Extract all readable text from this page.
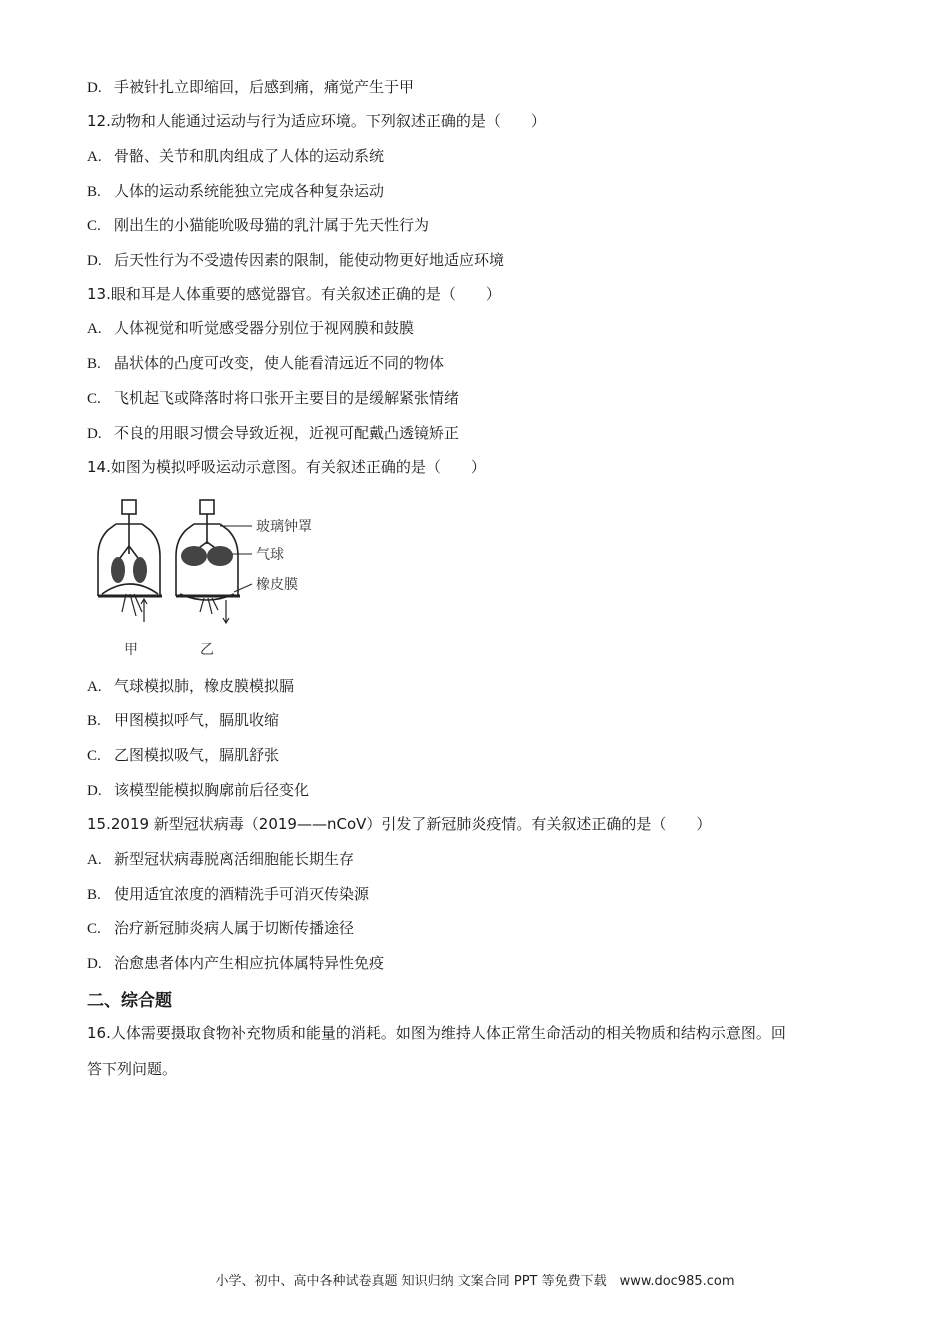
D. 手被针扎立即缩回，后感到痛，痛觉产生于甲
12.动物和人能通过运动与行为适应环境。下列叙述正确的是（　　）
A. 骨骼、关节和肌肉组成了人体的运动系统
B. 人体的运动系统能独立完成各种复杂运动
C. 刚出生的小猫能吮吸母猫的乳汁属于先天性行为
D. 后天性行为不受遗传因素的限制，能使动物更好地适应环境
13.眼和耳是人体重要的感觉器官。有关叙述正确的是（　　）
A. 人体视觉和听觉感受器分别位于视网膜和鼓膜
B. 晶状体的凸度可改变，使人能看清远近不同的物体
C. 飞机起飞或降落时将口张开主要目的是缓解紧张情绪
D. 不良的用眼习惯会导致近视，近视可配戴凸透镜矫正
14.如图为模拟呼吸运动示意图。有关叙述正确的是（　　）
玻璃钟罩
气球
橡皮膜
甲	乙
A. 气球模拟肺，橡皮膜模拟膈
B. 甲图模拟呼气，膈肌收缩
C. 乙图模拟吸气，膈肌舒张
D. 该模型能模拟胸廓前后径变化
15.2019 新型冠状病毒（2019——nCoV）引发了新冠肺炎疫情。有关叙述正确的是（　　）
A. 新型冠状病毒脱离活细胞能长期生存
B. 使用适宜浓度的酒精洗手可消灭传染源
C. 治疗新冠肺炎病人属于切断传播途径
D. 治愈患者体内产生相应抗体属特异性免疫
二、综合题
16.人体需要摄取食物补充物质和能量的消耗。如图为维持人体正常生命活动的相关物质和结构示意图。回
答下列问题。
小学、初中、高中各种试卷真题 知识归纳 文案合同 PPT 等免费下载　www.doc985.com
